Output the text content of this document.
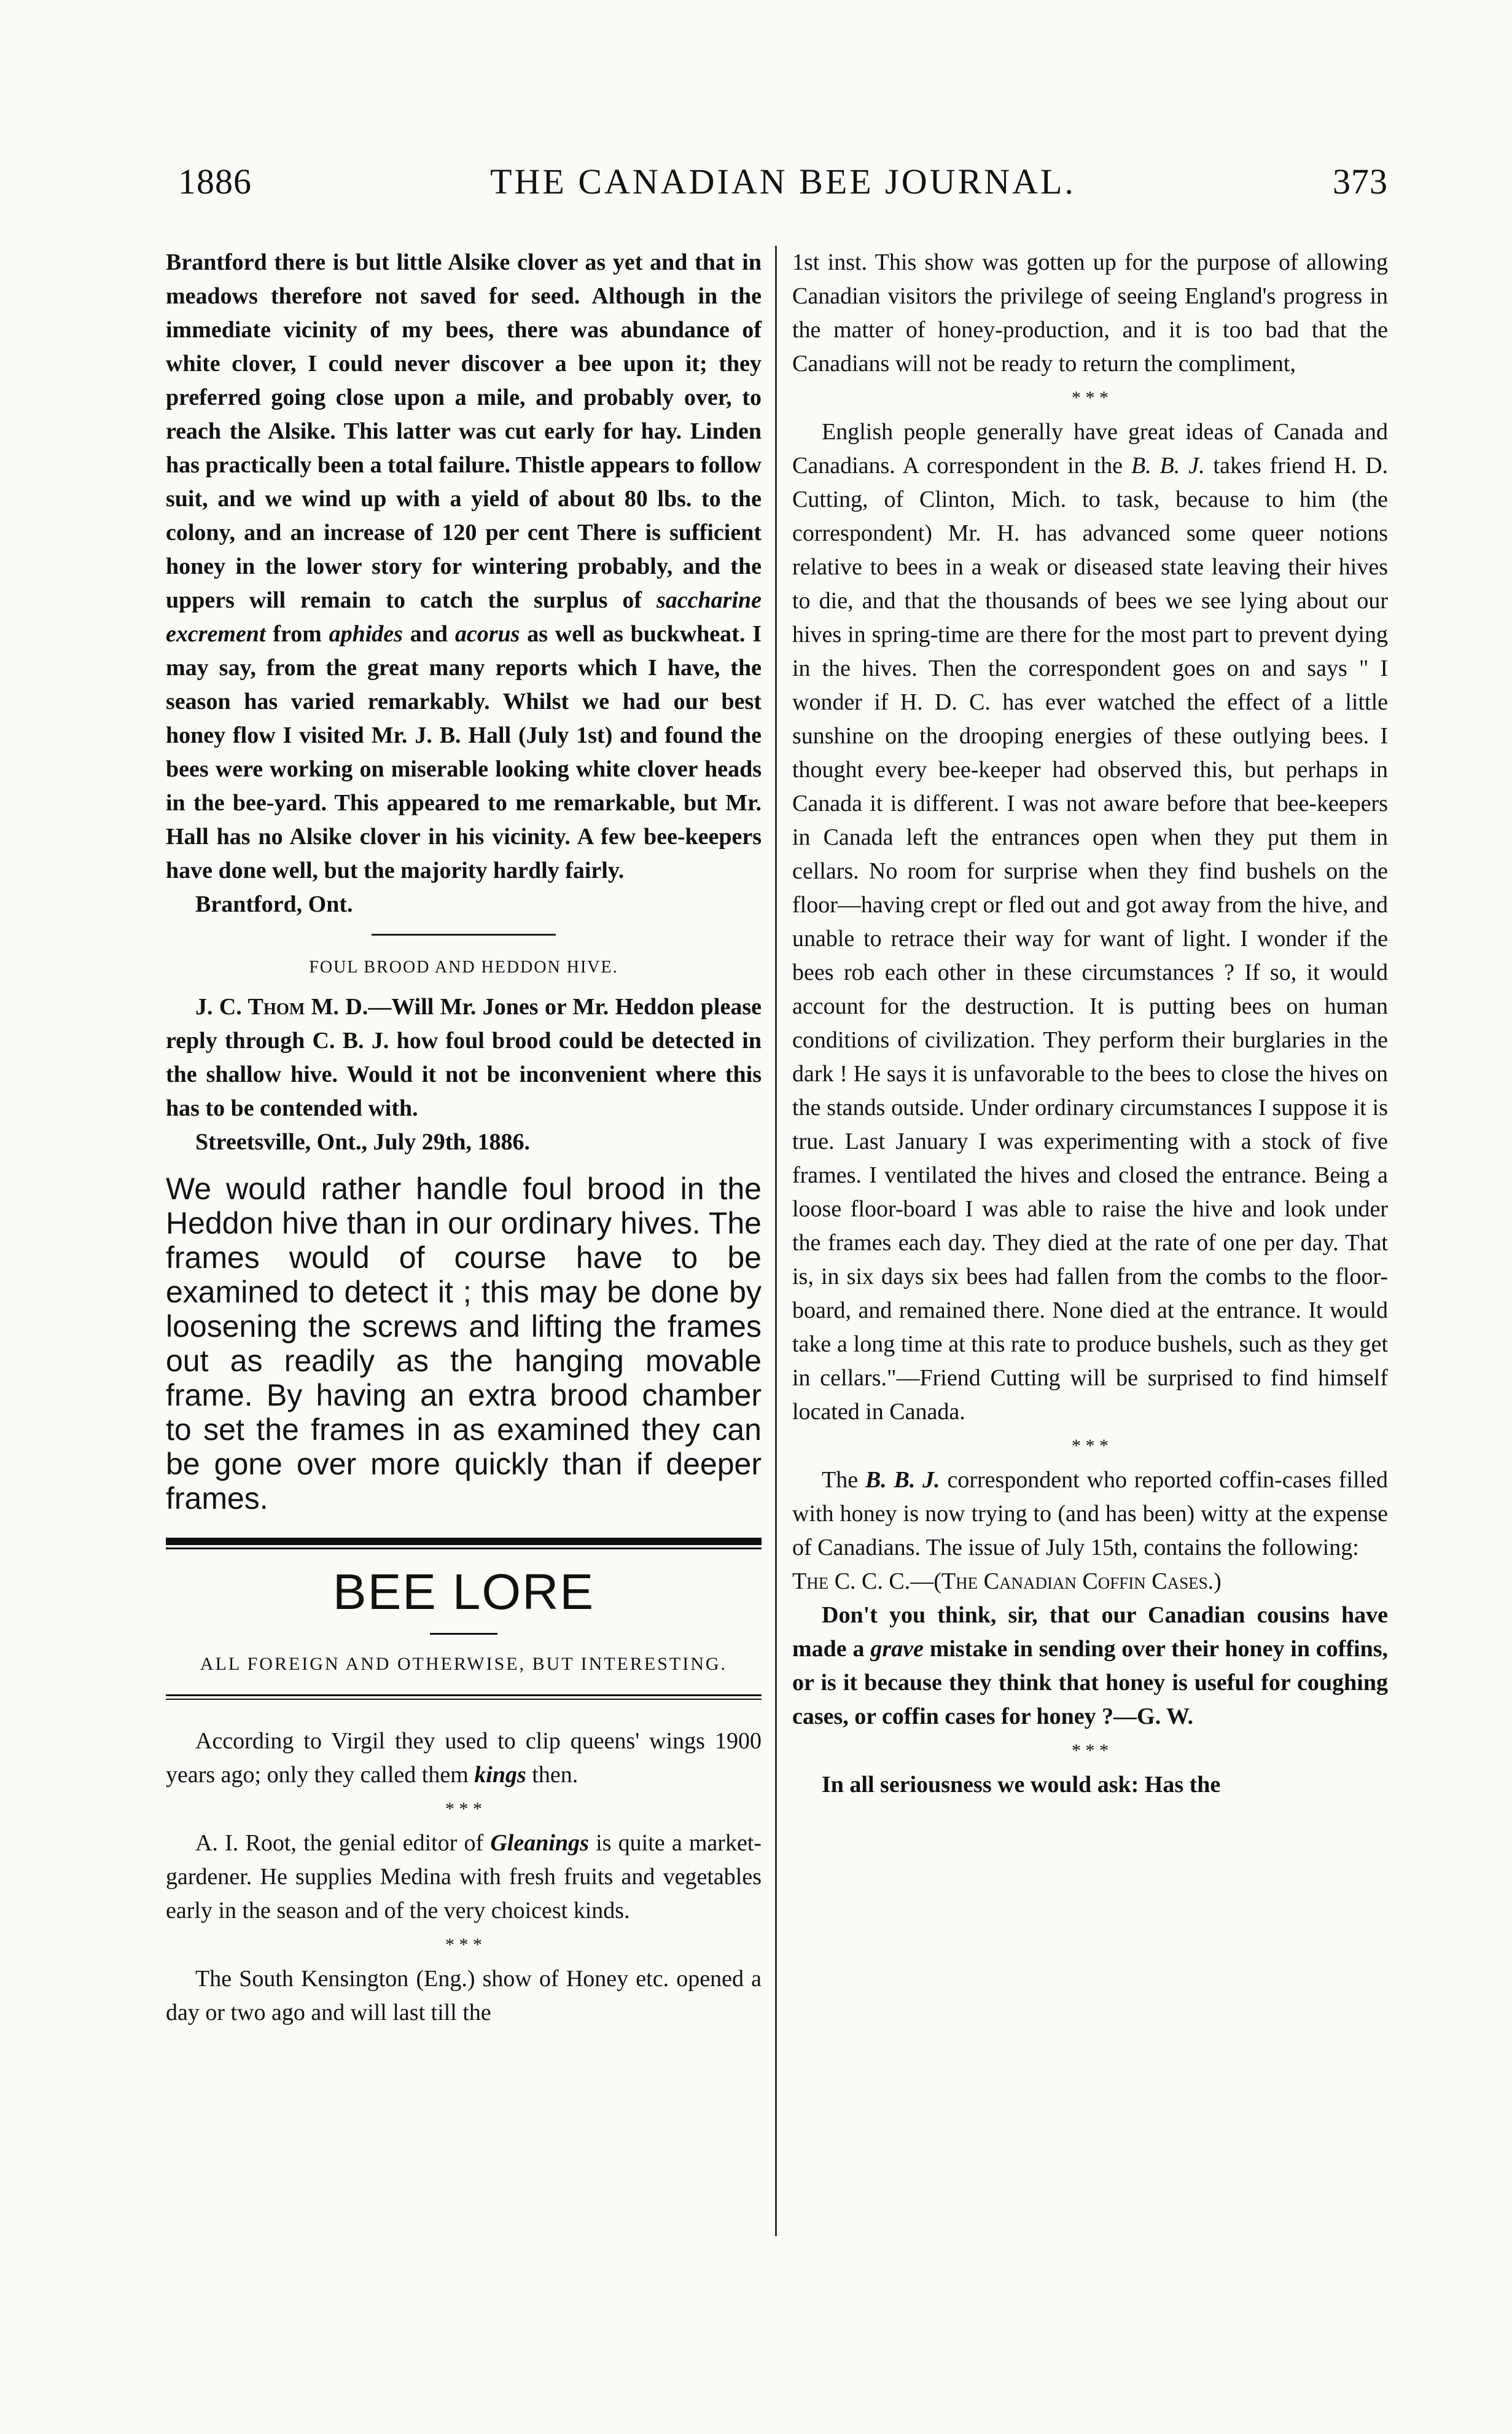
1886	THE CANADIAN BEE JOURNAL.	373

Brantford there is but little Alsike clover as yet and that in meadows therefore not saved for seed. Although in the immediate vicinity of my bees, there was abundance of white clover, I could never discover a bee upon it; they preferred going close upon a mile, and probably over, to reach the Alsike. This latter was cut early for hay. Linden has practically been a total failure. Thistle appears to follow suit, and we wind up with a yield of about 80 lbs. to the colony, and an increase of 120 per cent There is sufficient honey in the lower story for wintering probably, and the uppers will remain to catch the surplus of saccharine excrement from aphides and acorus as well as buckwheat. I may say, from the great many reports which I have, the season has varied remarkably. Whilst we had our best honey flow I visited Mr. J. B. Hall (July 1st) and found the bees were working on miserable looking white clover heads in the bee-yard. This appeared to me remarkable, but Mr. Hall has no Alsike clover in his vicinity. A few bee-keepers have done well, but the majority hardly fairly.

Brantford, Ont.

FOUL BROOD AND HEDDON HIVE.

J. C. Thom M. D.—Will Mr. Jones or Mr. Heddon please reply through C. B. J. how foul brood could be detected in the shallow hive. Would it not be inconvenient where this has to be contended with.

Streetsville, Ont., July 29th, 1886.

We would rather handle foul brood in the Heddon hive than in our ordinary hives. The frames would of course have to be examined to detect it ; this may be done by loosening the screws and lifting the frames out as readily as the hanging movable frame. By having an extra brood chamber to set the frames in as examined they can be gone over more quickly than if deeper frames.

BEE LORE
ALL FOREIGN AND OTHERWISE, BUT INTERESTING.

According to Virgil they used to clip queens' wings 1900 years ago; only they called them kings then.

* * *

A. I. Root, the genial editor of Gleanings is quite a market-gardener. He supplies Medina with fresh fruits and vegetables early in the season and of the very choicest kinds.

* * *

The South Kensington (Eng.) show of Honey etc. opened a day or two ago and will last till the

1st inst. This show was gotten up for the purpose of allowing Canadian visitors the privilege of seeing England's progress in the matter of honey-production, and it is too bad that the Canadians will not be ready to return the compliment,

* * *

English people generally have great ideas of Canada and Canadians. A correspondent in the B. B. J. takes friend H. D. Cutting, of Clinton, Mich. to task, because to him (the correspondent) Mr. H. has advanced some queer notions relative to bees in a weak or diseased state leaving their hives to die, and that the thousands of bees we see lying about our hives in spring-time are there for the most part to prevent dying in the hives. Then the correspondent goes on and says " I wonder if H. D. C. has ever watched the effect of a little sunshine on the drooping energies of these outlying bees. I thought every bee-keeper had observed this, but perhaps in Canada it is different. I was not aware before that bee-keepers in Canada left the entrances open when they put them in cellars. No room for surprise when they find bushels on the floor—having crept or fled out and got away from the hive, and unable to retrace their way for want of light. I wonder if the bees rob each other in these circumstances ? If so, it would account for the destruction. It is putting bees on human conditions of civilization. They perform their burglaries in the dark ! He says it is unfavorable to the bees to close the hives on the stands outside. Under ordinary circumstances I suppose it is true. Last January I was experimenting with a stock of five frames. I ventilated the hives and closed the entrance. Being a loose floor-board I was able to raise the hive and look under the frames each day. They died at the rate of one per day. That is, in six days six bees had fallen from the combs to the floor-board, and remained there. None died at the entrance. It would take a long time at this rate to produce bushels, such as they get in cellars."—Friend Cutting will be surprised to find himself located in Canada.

* * *

The B. B. J. correspondent who reported coffin-cases filled with honey is now trying to (and has been) witty at the expense of Canadians. The issue of July 15th, contains the following:

The C. C. C.—(The Canadian Coffin Cases.)

Don't you think, sir, that our Canadian cousins have made a grave mistake in sending over their honey in coffins, or is it because they think that honey is useful for coughing cases, or coffin cases for honey ?—G. W.

* * *

In all seriousness we would ask: Has the
